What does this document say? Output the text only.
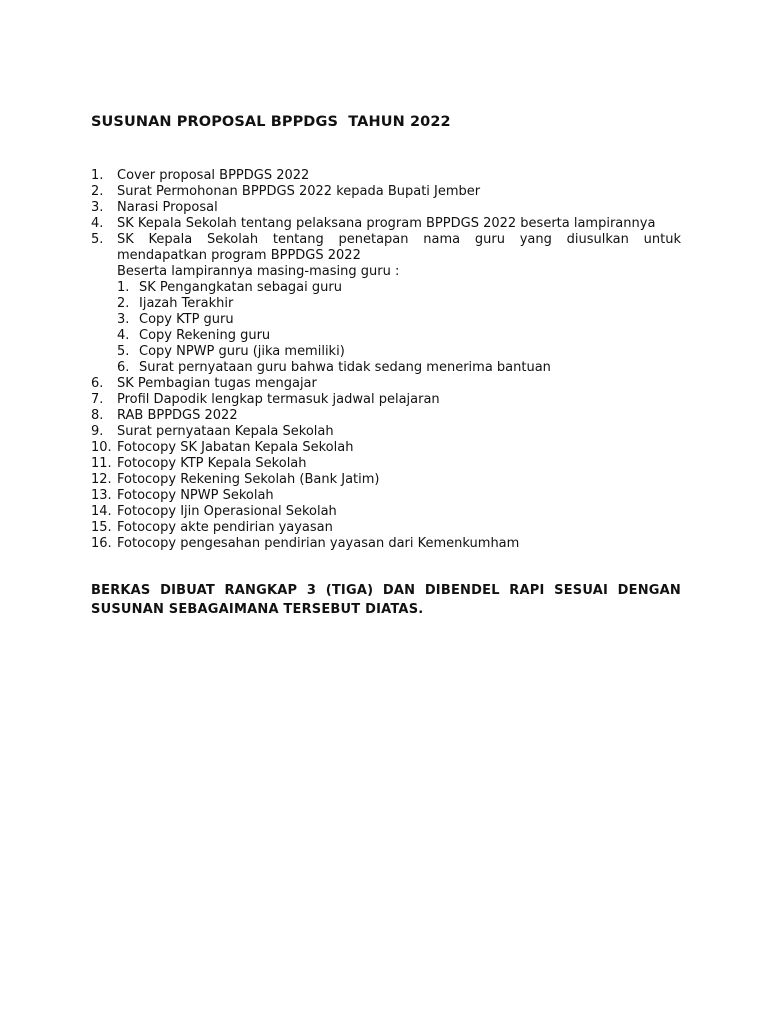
SUSUNAN PROPOSAL BPPDGS  TAHUN 2022
1.	Cover proposal BPPDGS 2022
2.	Surat Permohonan BPPDGS 2022 kepada Bupati Jember
3.	Narasi Proposal
4.	SK Kepala Sekolah tentang pelaksana program BPPDGS 2022 beserta lampirannya
5.	SK Kepala Sekolah tentang penetapan nama guru yang diusulkan untuk
mendapatkan program BPPDGS 2022
Beserta lampirannya masing-masing guru :
1. SK Pengangkatan sebagai guru
2. Ijazah Terakhir
3. Copy KTP guru
4. Copy Rekening guru
5. Copy NPWP guru (jika memiliki)
6. Surat pernyataan guru bahwa tidak sedang menerima bantuan
6.	SK Pembagian tugas mengajar
7.	Profil Dapodik lengkap termasuk jadwal pelajaran
8.	RAB BPPDGS 2022
9.	Surat pernyataan Kepala Sekolah
10. Fotocopy SK Jabatan Kepala Sekolah
11. Fotocopy KTP Kepala Sekolah
12. Fotocopy Rekening Sekolah (Bank Jatim)
13. Fotocopy NPWP Sekolah
14. Fotocopy Ijin Operasional Sekolah
15. Fotocopy akte pendirian yayasan
16. Fotocopy pengesahan pendirian yayasan dari Kemenkumham
BERKAS DIBUAT RANGKAP 3 (TIGA) DAN DIBENDEL RAPI SESUAI DENGAN
SUSUNAN SEBAGAIMANA TERSEBUT DIATAS.
